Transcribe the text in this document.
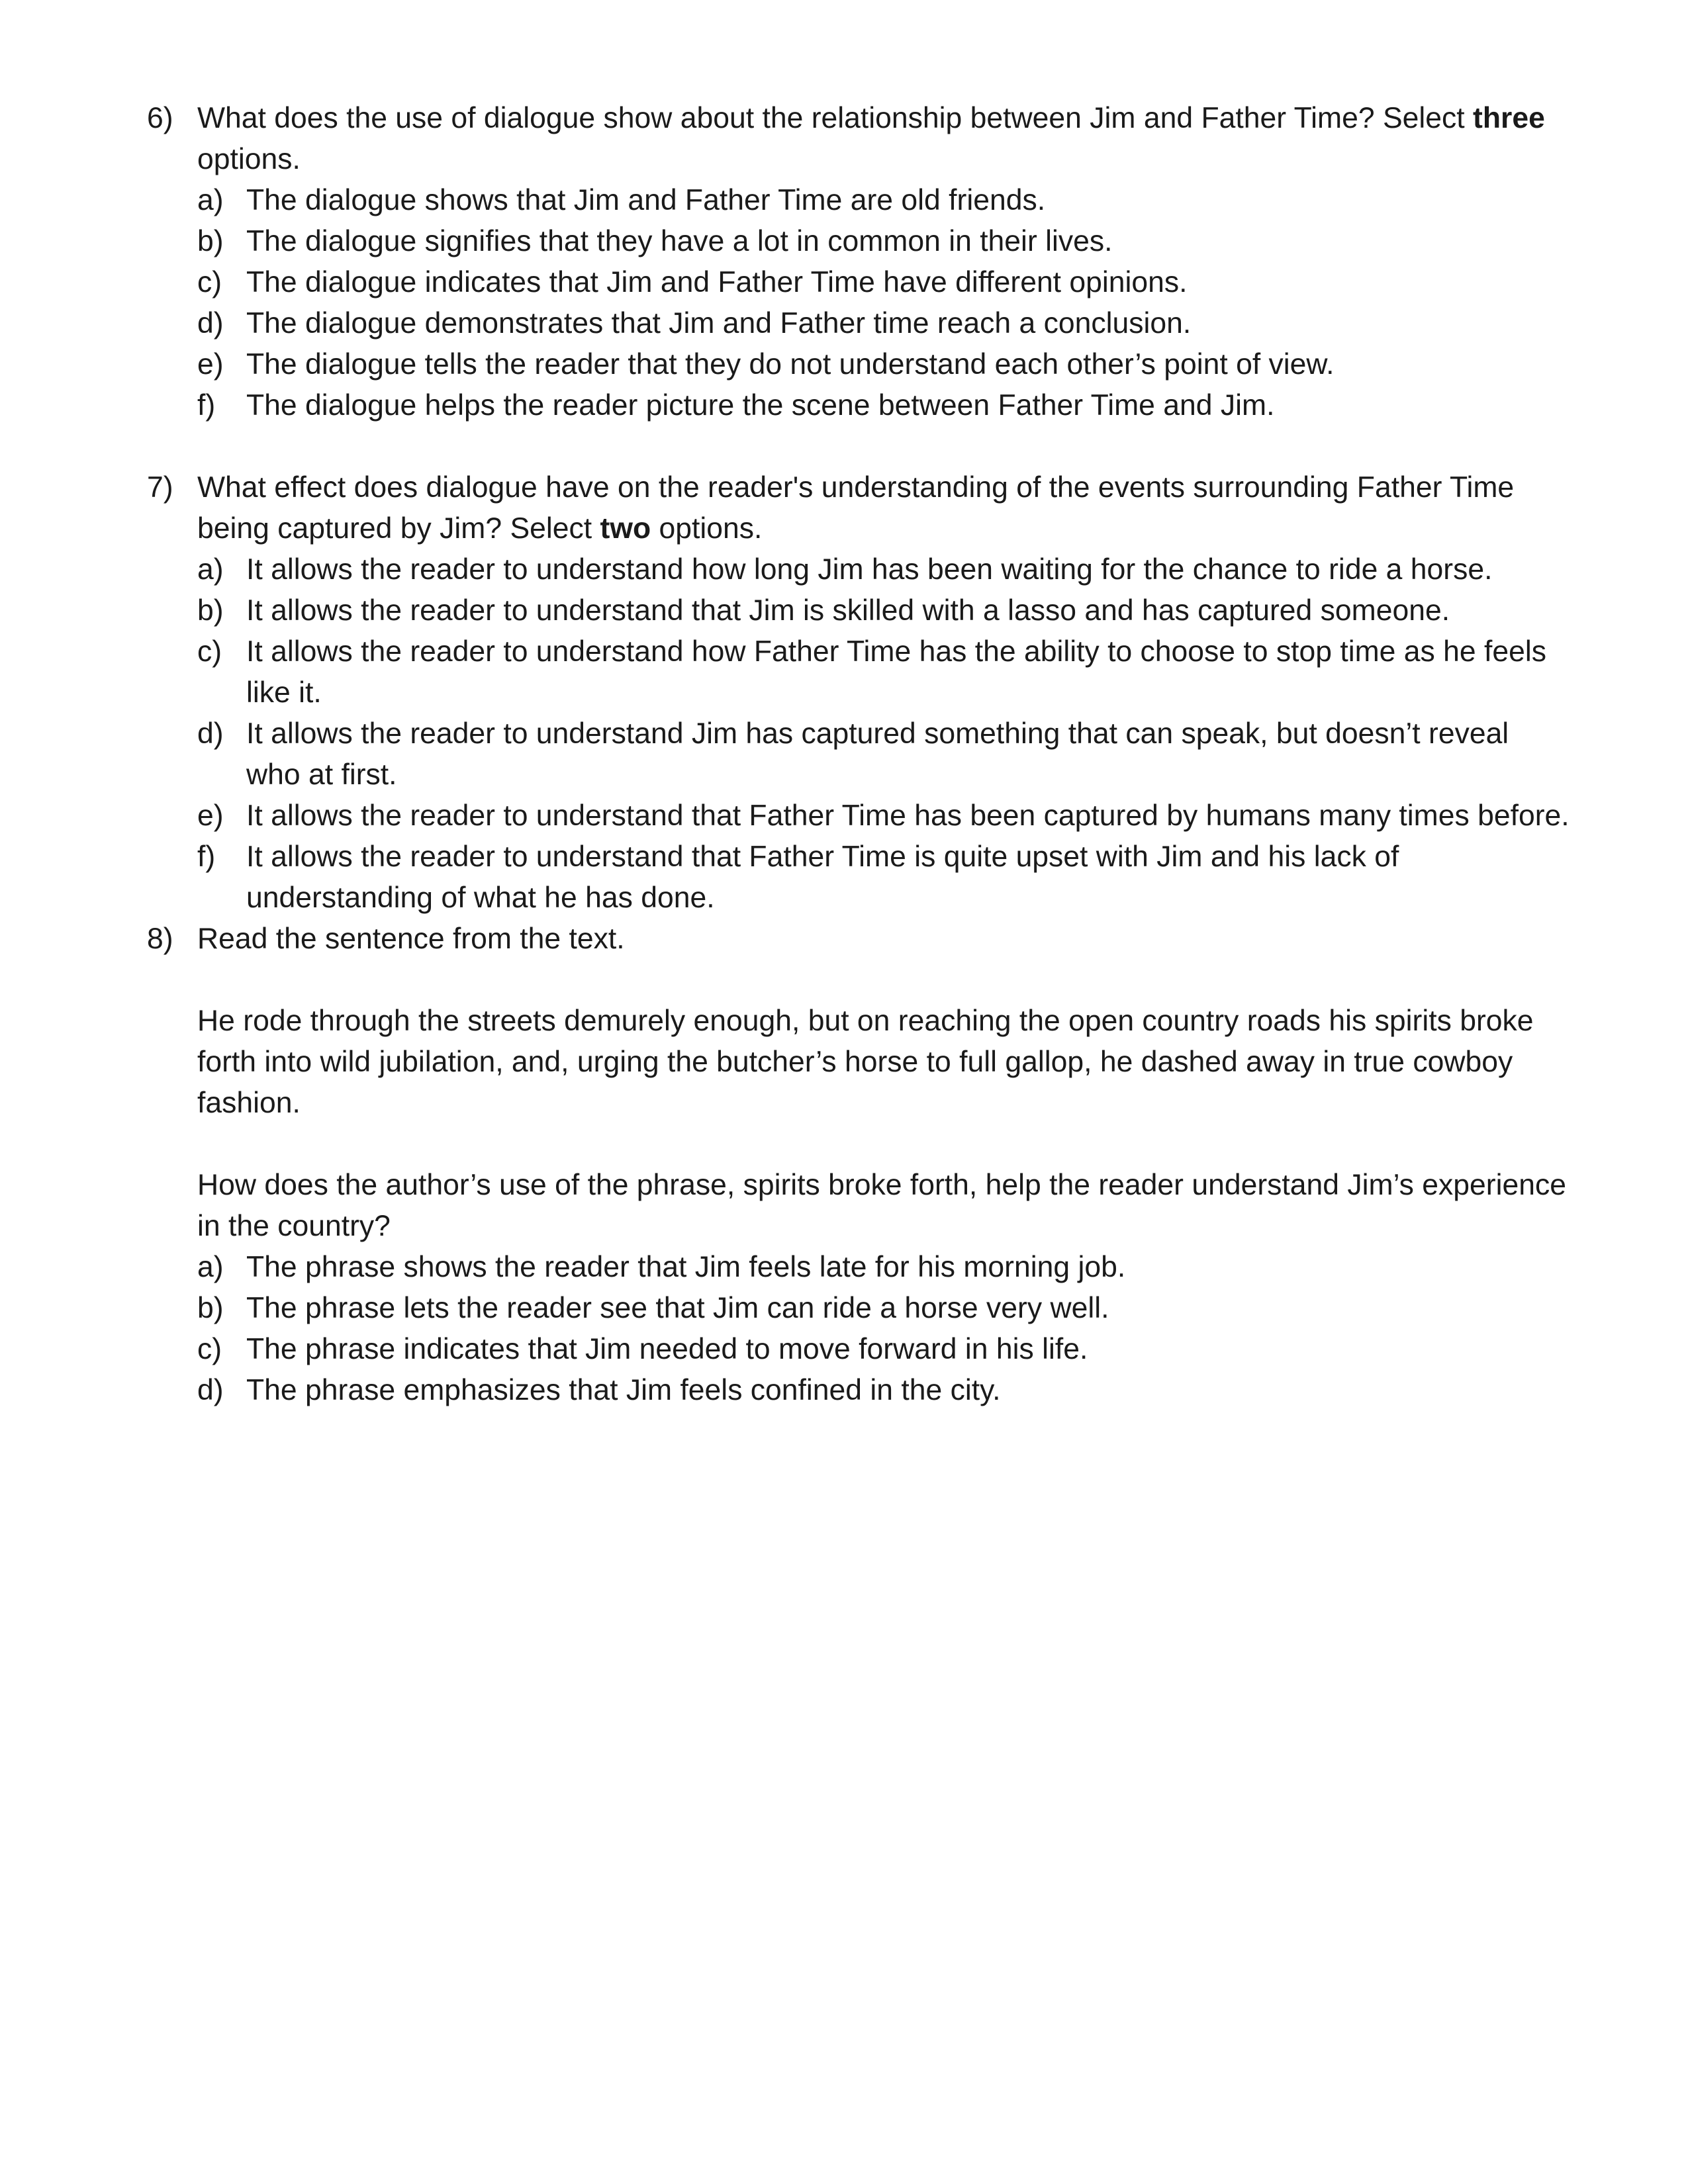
6) What does the use of dialogue show about the relationship between Jim and Father Time? Select three options.
a) The dialogue shows that Jim and Father Time are old friends.
b) The dialogue signifies that they have a lot in common in their lives.
c) The dialogue indicates that Jim and Father Time have different opinions.
d) The dialogue demonstrates that Jim and Father time reach a conclusion.
e) The dialogue tells the reader that they do not understand each other’s point of view.
f) The dialogue helps the reader picture the scene between Father Time and Jim.
7) What effect does dialogue have on the reader's understanding of the events surrounding Father Time being captured by Jim? Select two options.
a) It allows the reader to understand how long Jim has been waiting for the chance to ride a horse.
b) It allows the reader to understand that Jim is skilled with a lasso and has captured someone.
c) It allows the reader to understand how Father Time has the ability to choose to stop time as he feels like it.
d) It allows the reader to understand Jim has captured something that can speak, but doesn’t reveal who at first.
e) It allows the reader to understand that Father Time has been captured by humans many times before.
f) It allows the reader to understand that Father Time is quite upset with Jim and his lack of understanding of what he has done.
8) Read the sentence from the text.

He rode through the streets demurely enough, but on reaching the open country roads his spirits broke forth into wild jubilation, and, urging the butcher’s horse to full gallop, he dashed away in true cowboy fashion.

How does the author’s use of the phrase, spirits broke forth, help the reader understand Jim’s experience in the country?

a) The phrase shows the reader that Jim feels late for his morning job.
b) The phrase lets the reader see that Jim can ride a horse very well.
c) The phrase indicates that Jim needed to move forward in his life.
d) The phrase emphasizes that Jim feels confined in the city.
